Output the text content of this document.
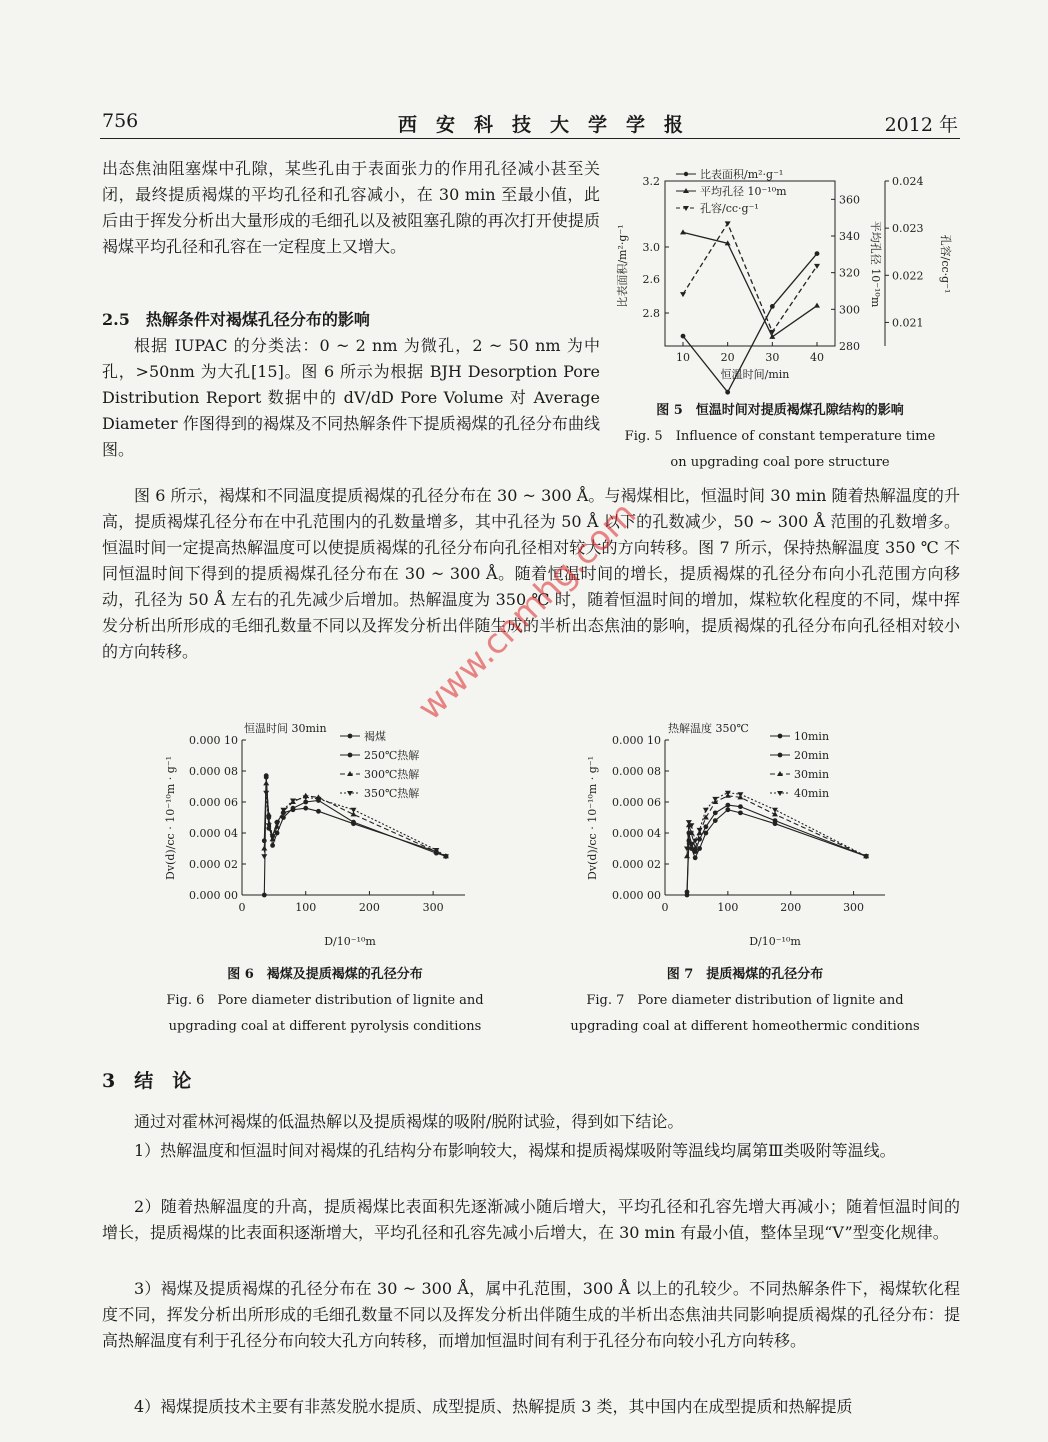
756	西　安　科　技　大　学　学　报	2012 年

出态焦油阻塞煤中孔隙，某些孔由于表面张力的作用孔径减小甚至关闭，最终提质褐煤的平均孔径和孔容减小，在 30 min 至最小值，此后由于挥发分析出大量形成的毛细孔以及被阻塞孔隙的再次打开使提质褐煤平均孔径和孔容在一定程度上又增大。

2.5　热解条件对褐煤孔径分布的影响

根据 IUPAC 的分类法：0 ~ 2 nm 为微孔，2 ~ 50 nm 为中孔，>50nm 为大孔[15]。图 6 所示为根据 BJH Desorption Pore Distribution Report 数据中的 dV/dD Pore Volume 对 Average Diameter 作图得到的褐煤及不同热解条件下提质褐煤的孔径分布曲线图。

图 6 所示，褐煤和不同温度提质褐煤的孔径分布在 30 ~ 300 Å。与褐煤相比，恒温时间 30 min 随着热解温度的升高，提质褐煤孔径分布在中孔范围内的孔数量增多，其中孔径为 50 Å 以下的孔数减少，50 ~ 300 Å 范围的孔数增多。恒温时间一定提高热解温度可以使提质褐煤的孔径分布向孔径相对较大的方向转移。图 7 所示，保持热解温度 350 ℃ 不同恒温时间下得到的提质褐煤孔径分布在 30 ~ 300 Å。随着恒温时间的增长，提质褐煤的孔径分布向小孔范围方向移动，孔径为 50 Å 左右的孔先减少后增加。热解温度为 350 ℃ 时，随着恒温时间的增加，煤粒软化程度的不同，煤中挥发分析出所形成的毛细孔数量不同以及挥发分析出伴随生成的半析出态焦油的影响，提质褐煤的孔径分布向孔径相对较小的方向转移。

3.2
3.0
2.8
2.6
280
300
320
340
360
0.021
0.022
0.023
0.024
10	20	30	40
恒温时间/min
比表面积/m²·g⁻¹	平均孔径 10⁻¹⁰m	孔容/cc·g⁻¹
比表面积/m²·g⁻¹
平均孔径 10⁻¹⁰m
孔容/cc·g⁻¹

图 5　恒温时间对提质褐煤孔隙结构的影响

Fig. 5　Influence of constant temperature time

on upgrading coal pore structure

0.000 00
0.000 02
0.000 04
0.000 06
0.000 08
0.000 10
0	100	200	300
恒温时间 30min
D/10⁻¹⁰m
Dv(d)/cc · 10⁻¹⁰m · g⁻¹
褐煤
250℃热解
300℃热解
350℃热解

图 6　褐煤及提质褐煤的孔径分布

Fig. 6　Pore diameter distribution of lignite and

upgrading coal at different pyrolysis conditions

0.000 00
0.000 02
0.000 04
0.000 06
0.000 08
0.000 10
0	100	200	300
热解温度 350℃
D/10⁻¹⁰m
Dv(d)/cc · 10⁻¹⁰m · g⁻¹
10min
20min
30min
40min

图 7　提质褐煤的孔径分布

Fig. 7　Pore diameter distribution of lignite and

upgrading coal at different homeothermic conditions

3　结　论

通过对霍林河褐煤的低温热解以及提质褐煤的吸附/脱附试验，得到如下结论。

1）热解温度和恒温时间对褐煤的孔结构分布影响较大，褐煤和提质褐煤吸附等温线均属第Ⅲ类吸附等温线。

2）随着热解温度的升高，提质褐煤比表面积先逐渐减小随后增大，平均孔径和孔容先增大再减小；随着恒温时间的增长，提质褐煤的比表面积逐渐增大，平均孔径和孔容先减小后增大，在 30 min 有最小值，整体呈现“V”型变化规律。

3）褐煤及提质褐煤的孔径分布在 30 ~ 300 Å，属中孔范围，300 Å 以上的孔较少。不同热解条件下，褐煤软化程度不同，挥发分析出所形成的毛细孔数量不同以及挥发分析出伴随生成的半析出态焦油共同影响提质褐煤的孔径分布：提高热解温度有利于孔径分布向较大孔方向转移，而增加恒温时间有利于孔径分布向较小孔方向转移。

4）褐煤提质技术主要有非蒸发脱水提质、成型提质、热解提质 3 类，其中国内在成型提质和热解提质

www.cnmhg.com
